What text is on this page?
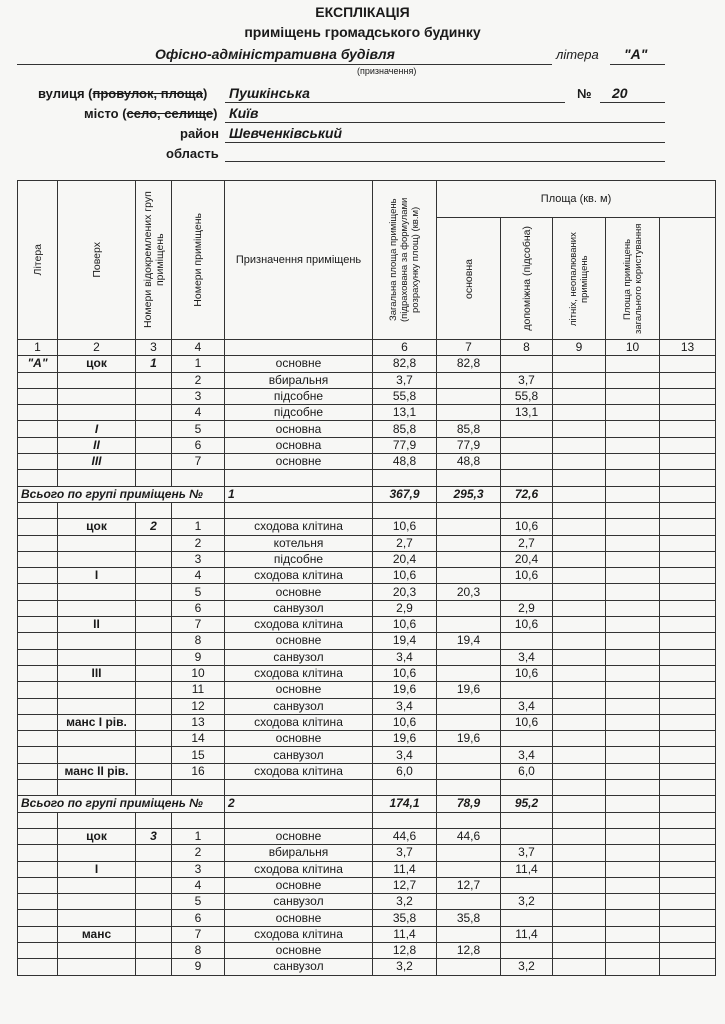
ЕКСПЛІКАЦІЯ
приміщень громадського будинку
Офісно-адміністративна будівля
(призначення)
літера "А"
вулиця (провулок, площа) Пушкінська	№ 20
місто (село, селище) Київ
район Шевченківський
область
Літера	Поверх	Номери відокремлених груп приміщень	Номери приміщень	Призначення приміщень	Загальна площа приміщень (підрахована за формулами розрахунку площ) (кв.м)	Площа (кв. м)	

						основна	допоміжна (підсобна)	літніх, неопалюваних приміщень	Площа приміщень загального користування		

1	2	3	4		6	7	8	9	10	13	
"А"	цок	1	1	основне	82,8	82,8					
			2	вбиральня	3,7		3,7				
			3	підсобне	55,8		55,8				
			4	підсобне	13,1		13,1				
	I		5	основна	85,8	85,8					
	II		6	основна	77,9	77,9					
	III		7	основне	48,8	48,8					

Всього по групі приміщень №				1	367,9	295,3	72,6				

	цок	2	1	сходова клітина	10,6		10,6				
			2	котельня	2,7		2,7				
			3	підсобне	20,4		20,4				
	I		4	сходова клітина	10,6		10,6				
			5	основне	20,3	20,3					
			6	санвузол	2,9		2,9				
	II		7	сходова клітина	10,6		10,6				
			8	основне	19,4	19,4					
			9	санвузол	3,4		3,4				
	III		10	сходова клітина	10,6		10,6				
			11	основне	19,6	19,6					
			12	санвузол	3,4		3,4				
	манс I рів.		13	сходова клітина	10,6		10,6				
			14	основне	19,6	19,6					
			15	санвузол	3,4		3,4				
	манс II рів.		16	сходова клітина	6,0		6,0				

Всього по групі приміщень №				2	174,1	78,9	95,2				

	цок	3	1	основне	44,6	44,6					
			2	вбиральня	3,7		3,7				
	I		3	сходова клітина	11,4		11,4				
			4	основне	12,7	12,7					
			5	санвузол	3,2		3,2				
			6	основне	35,8	35,8					
	манс		7	сходова клітина	11,4		11,4				
			8	основне	12,8	12,8					
			9	санвузол	3,2		3,2				
